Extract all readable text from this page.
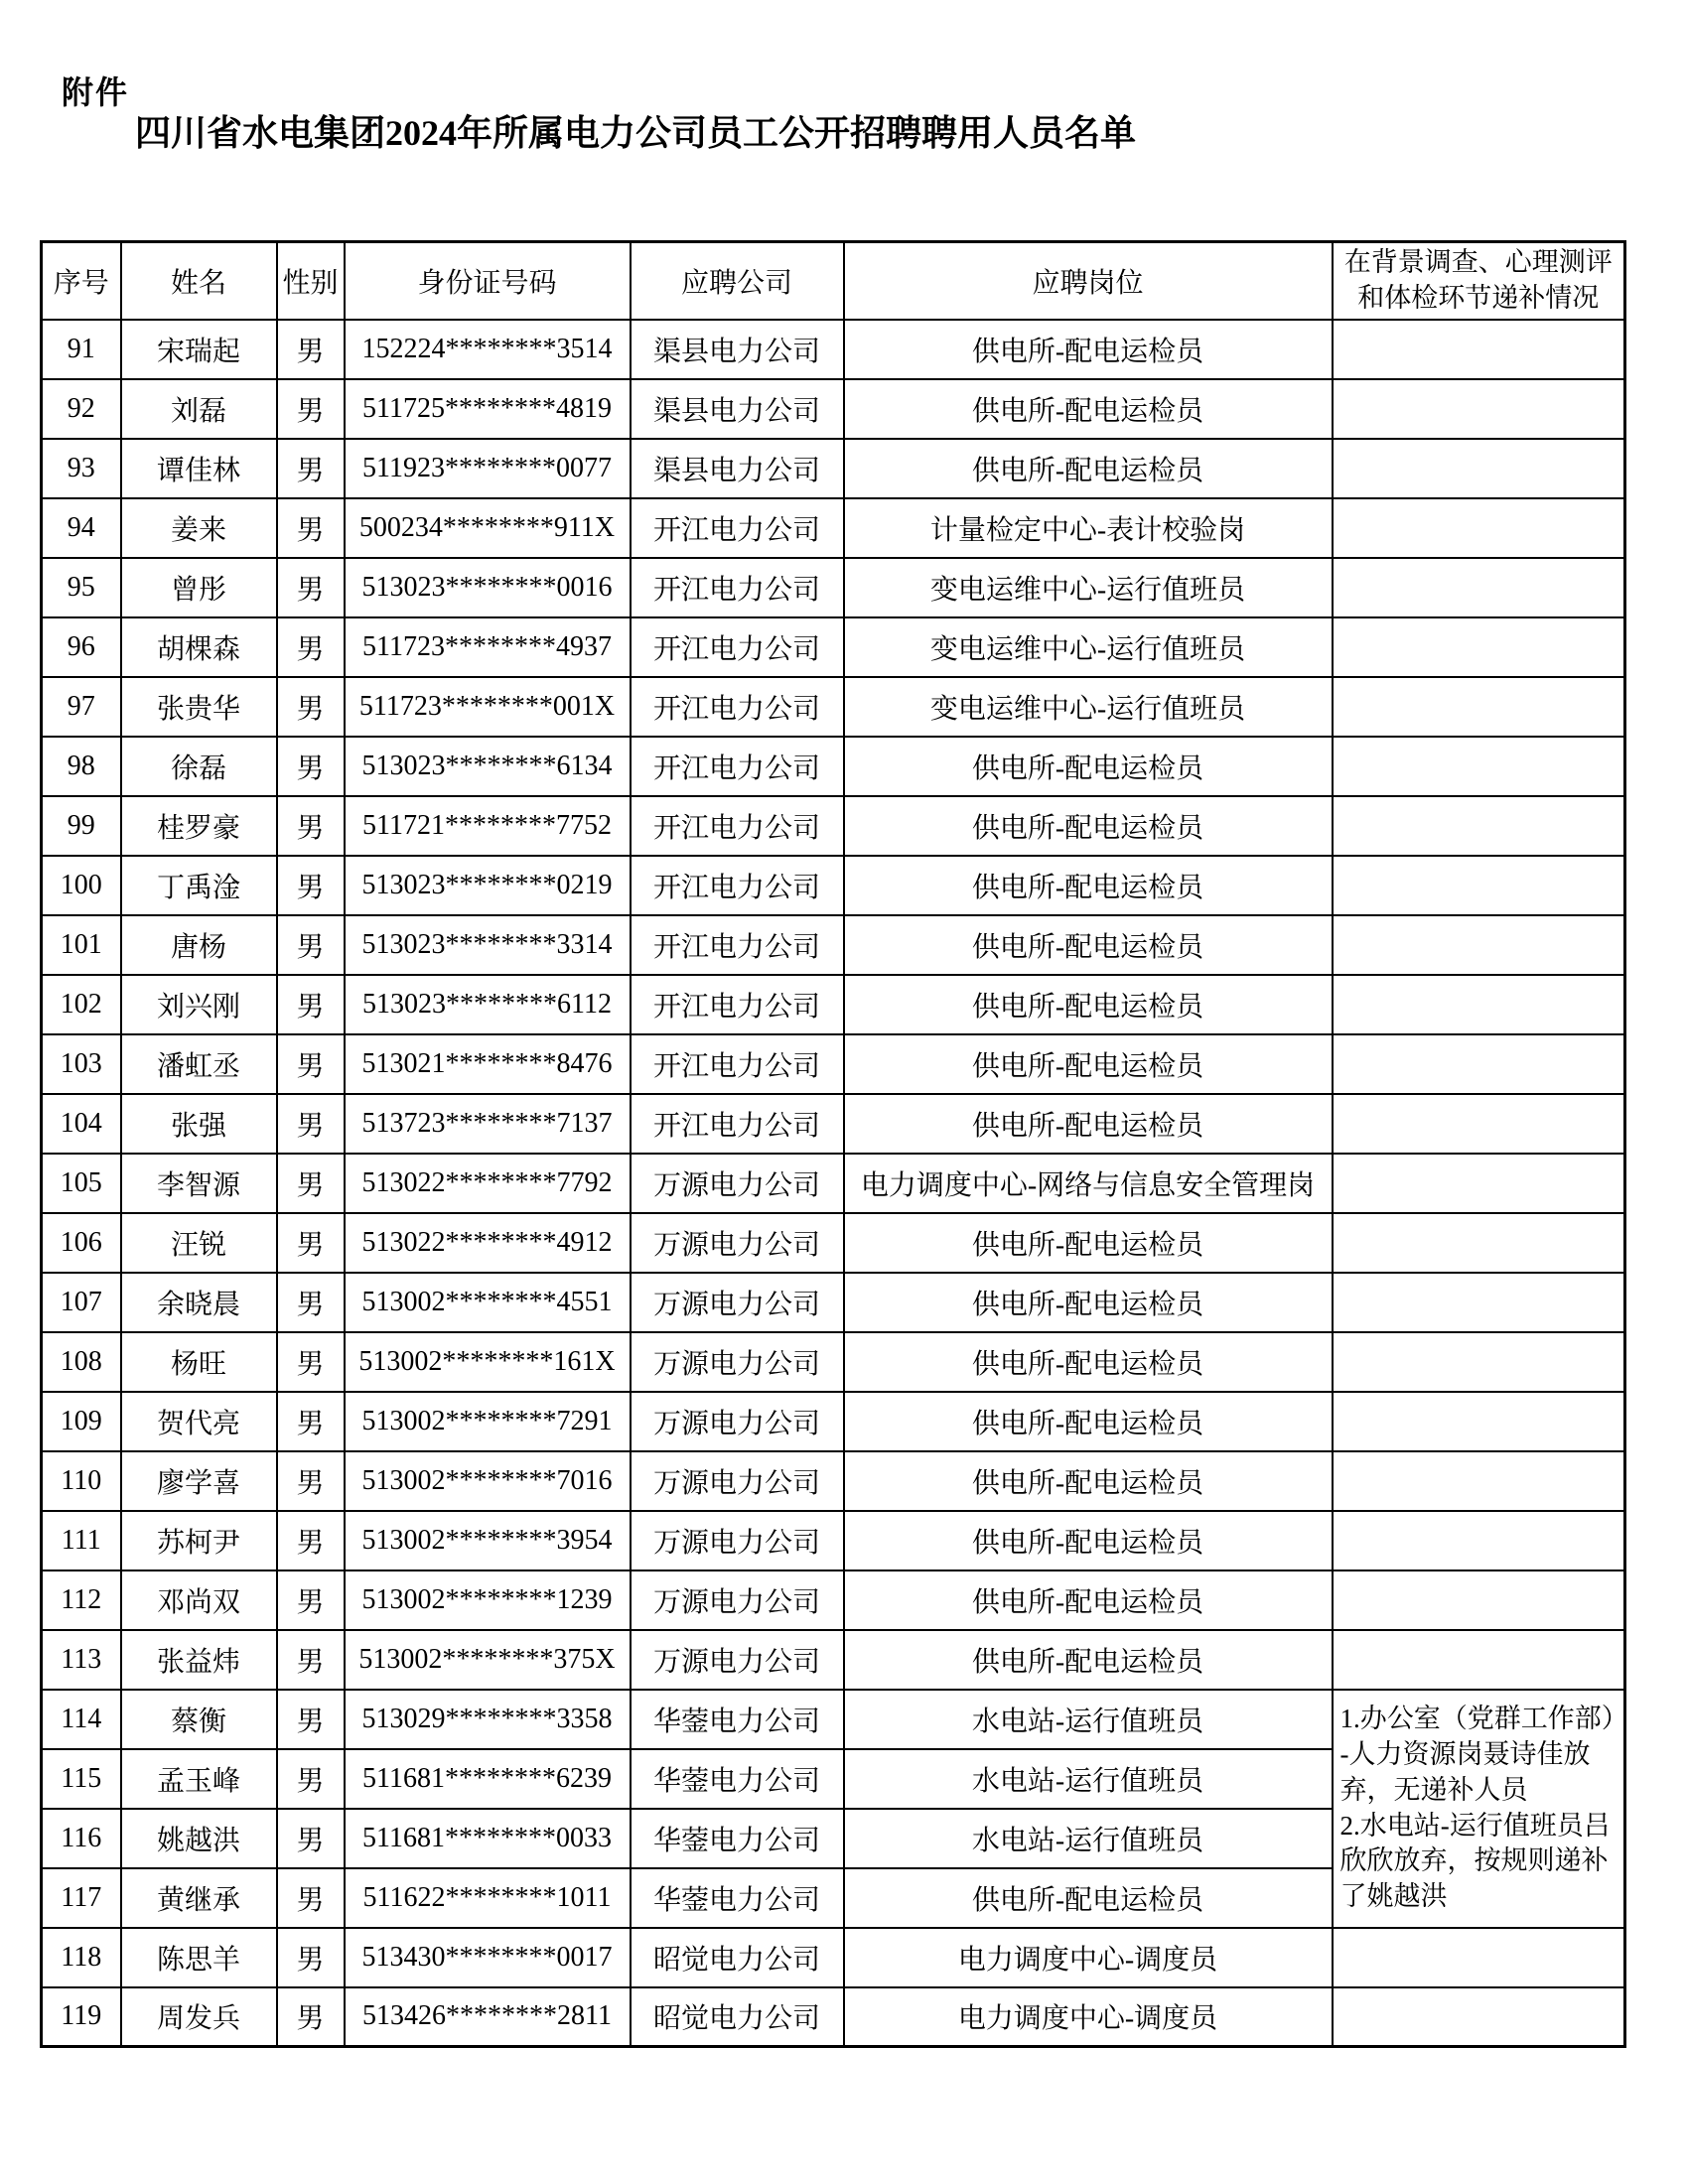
附件
四川省水电集团2024年所属电力公司员工公开招聘聘用人员名单
序号	姓名	性别	身份证号码	应聘公司	应聘岗位	在背景调查、心理测评
和体检环节递补情况

91	宋瑞起	男	152224********3514	渠县电力公司	供电所-配电运检员	
92	刘磊	男	511725********4819	渠县电力公司	供电所-配电运检员	
93	谭佳林	男	511923********0077	渠县电力公司	供电所-配电运检员	
94	姜来	男	500234********911X	开江电力公司	计量检定中心-表计校验岗	
95	曾彤	男	513023********0016	开江电力公司	变电运维中心-运行值班员	
96	胡棵森	男	511723********4937	开江电力公司	变电运维中心-运行值班员	
97	张贵华	男	511723********001X	开江电力公司	变电运维中心-运行值班员	
98	徐磊	男	513023********6134	开江电力公司	供电所-配电运检员	
99	桂罗豪	男	511721********7752	开江电力公司	供电所-配电运检员	
100	丁禹淦	男	513023********0219	开江电力公司	供电所-配电运检员	
101	唐杨	男	513023********3314	开江电力公司	供电所-配电运检员	
102	刘兴刚	男	513023********6112	开江电力公司	供电所-配电运检员	
103	潘虹丞	男	513021********8476	开江电力公司	供电所-配电运检员	
104	张强	男	513723********7137	开江电力公司	供电所-配电运检员	
105	李智源	男	513022********7792	万源电力公司	电力调度中心-网络与信息安全管理岗	
106	汪锐	男	513022********4912	万源电力公司	供电所-配电运检员	
107	余晓晨	男	513002********4551	万源电力公司	供电所-配电运检员	
108	杨旺	男	513002********161X	万源电力公司	供电所-配电运检员	
109	贺代亮	男	513002********7291	万源电力公司	供电所-配电运检员	
110	廖学喜	男	513002********7016	万源电力公司	供电所-配电运检员	
111	苏柯尹	男	513002********3954	万源电力公司	供电所-配电运检员	
112	邓尚双	男	513002********1239	万源电力公司	供电所-配电运检员	
113	张益炜	男	513002********375X	万源电力公司	供电所-配电运检员	
114	蔡衡	男	513029********3358	华蓥电力公司	水电站-运行值班员	1.办公室（党群工作部）-人力资源岗聂诗佳放弃，无递补人员
2.水电站-运行值班员吕欣欣放弃，按规则递补了姚越洪

115	孟玉峰	男	511681********6239	华蓥电力公司	水电站-运行值班员	
116	姚越洪	男	511681********0033	华蓥电力公司	水电站-运行值班员	
117	黄继承	男	511622********1011	华蓥电力公司	供电所-配电运检员	
118	陈思羊	男	513430********0017	昭觉电力公司	电力调度中心-调度员	
119	周发兵	男	513426********2811	昭觉电力公司	电力调度中心-调度员	
